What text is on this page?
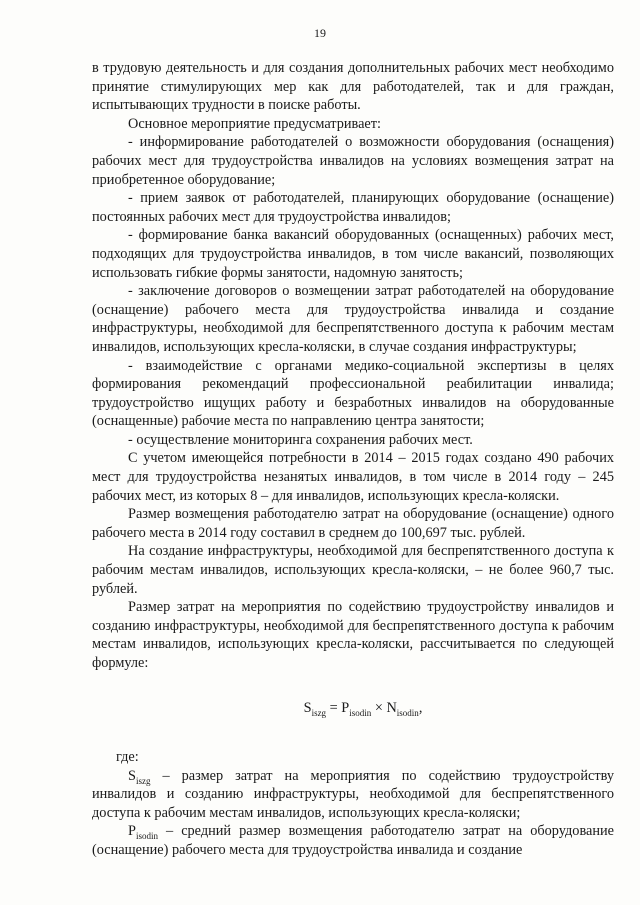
19

в трудовую деятельность и для создания дополнительных рабочих мест необходимо принятие стимулирующих мер как для работодателей, так и для граждан, испытывающих трудности в поиске работы.

Основное мероприятие предусматривает:

- информирование работодателей о возможности оборудования (оснащения) рабочих мест для трудоустройства инвалидов на условиях возмещения затрат на приобретенное оборудование;

- прием заявок от работодателей, планирующих оборудование (оснащение) постоянных рабочих мест для трудоустройства инвалидов;

- формирование банка вакансий оборудованных (оснащенных) рабочих мест, подходящих для трудоустройства инвалидов, в том числе вакансий, позволяющих использовать гибкие формы занятости, надомную занятость;

- заключение договоров о возмещении затрат работодателей на оборудование (оснащение) рабочего места для трудоустройства инвалида и создание инфраструктуры, необходимой для беспрепятственного доступа к рабочим местам инвалидов, использующих кресла-коляски, в случае создания инфраструктуры;

- взаимодействие с органами медико-социальной экспертизы в целях формирования рекомендаций профессиональной реабилитации инвалида; трудоустройство ищущих работу и безработных инвалидов на оборудованные (оснащенные) рабочие места по направлению центра занятости;

- осуществление мониторинга сохранения рабочих мест.

С учетом имеющейся потребности в 2014 – 2015 годах создано 490 рабочих мест для трудоустройства незанятых инвалидов, в том числе в 2014 году – 245 рабочих мест, из которых 8 – для инвалидов, использующих кресла-коляски.

Размер возмещения работодателю затрат на оборудование (оснащение) одного рабочего места в 2014 году составил в среднем до 100,697 тыс. рублей.

На создание инфраструктуры, необходимой для беспрепятственного доступа к рабочим местам инвалидов, использующих кресла-коляски, – не более 960,7 тыс. рублей.

Размер затрат на мероприятия по содействию трудоустройству инвалидов и созданию инфраструктуры, необходимой для беспрепятственного доступа к рабочим местам инвалидов, использующих кресла-коляски, рассчитывается по следующей формуле:

$S_{iszg} = P_{isodin} \times N_{isodin}$,

где:

$S_{iszg}$ – размер затрат на мероприятия по содействию трудоустройству инвалидов и созданию инфраструктуры, необходимой для беспрепятственного доступа к рабочим местам инвалидов, использующих кресла-коляски;

$P_{isodin}$ – средний размер возмещения работодателю затрат на оборудование (оснащение) рабочего места для трудоустройства инвалида и создание
